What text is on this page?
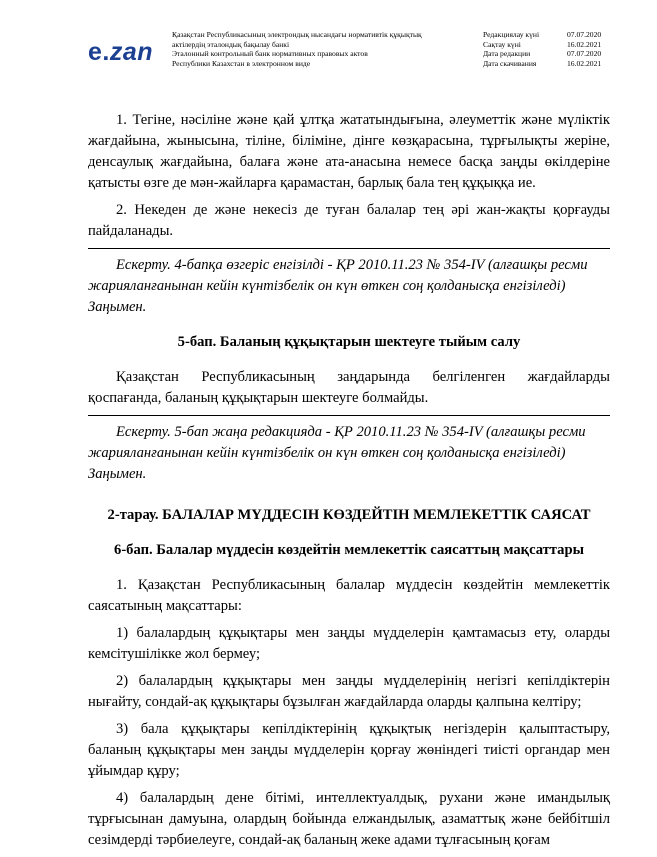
e.zan
Қазақстан Республикасының электрондық нысандағы нормативтік құқықтық
актілердің эталондық бақылау банкі
Эталонный контрольный банк нормативных правовых актов
Республики Казахстан в электронном виде
Редакциялау күні	07.07.2020
Сақтау күні	16.02.2021
Дата редакции	07.07.2020
Дата скачивания	16.02.2021

1. Тегіне, нәсiлiне және қай ұлтқа жататындығына, әлеуметтік және мүлiктiк жағдайына, жынысына, тiлiне, бiлiмiне, дiнге көзқарасына, тұрғылықты жерiне, денсаулық жағдайына, балаға және ата-анасына немесе басқа заңды өкiлдерiне қатысты өзге де мән-жайларға қарамастан, барлық бала тең құқыққа ие.

2. Некеден де және некесiз де туған балалар тең әрi жан-жақты қорғауды пайдаланады.

Ескерту. 4-бапқа өзгеріс енгізілді - ҚР 2010.11.23 № 354-IV (алғашқы ресми жарияланғанынан кейін күнтізбелік он күн өткен соң қолданысқа енгiзiледi) Заңымен.

5-бап. Баланың құқықтарын шектеуге тыйым салу

Қазақстан Республикасының заңдарында белгіленген жағдайларды қоспағанда, баланың құқықтарын шектеуге болмайды.

Ескерту. 5-бап жаңа редакцияда - ҚР 2010.11.23 № 354-IV (алғашқы ресми жарияланғанынан кейін күнтізбелік он күн өткен соң қолданысқа енгiзiледi) Заңымен.

2-тарау. БАЛАЛАР МҮДДЕСІН КӨЗДЕЙТІН МЕМЛЕКЕТТІК САЯСАТ

6-бап. Балалар мүддесiн көздейтiн мемлекеттік саясаттың мақсаттары

1. Қазақстан Республикасының балалар мүддесін көздейтін мемлекеттік саясатының мақсаттары:

1) балалардың құқықтары мен заңды мүдделерiн қамтамасыз ету, оларды кемсiтушiлiкке жол бермеу;

2) балалардың құқықтары мен заңды мүдделерiнiң негiзгi кепiлдiктерiн нығайту, сондай-ақ құқықтары бұзылған жағдайларда оларды қалпына келтiру;

3) бала құқықтары кепiлдiктерiнiң құқықтық негiздерiн қалыптастыру, баланың құқықтары мен заңды мүдделерін қорғау жөніндегі тиісті органдар мен ұйымдар құру;

4) балалардың дене бiтiмi, интеллектуалдық, рухани және имандылық тұрғысынан дамуына, олардың бойында елжандылық, азаматтық және бейбiтшiл сезiмдердi тәрбиелеуге, сондай-ақ баланың жеке адами тұлғасының қоғам
